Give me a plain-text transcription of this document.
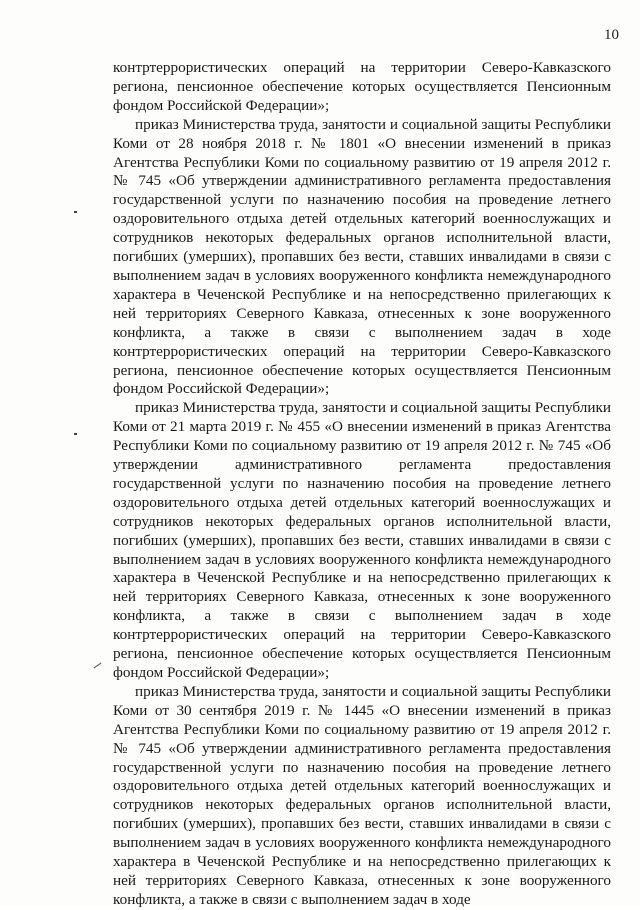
10

контртеррористических операций на территории Северо-Кавказского региона, пенсионное обеспечение которых осуществляется Пенсионным фондом Российской Федерации»;

приказ Министерства труда, занятости и социальной защиты Республики Коми от 28 ноября 2018 г. № 1801 «О внесении изменений в приказ Агентства Республики Коми по социальному развитию от 19 апреля 2012 г. № 745 «Об утверждении административного регламента предоставления государственной услуги по назначению пособия на проведение летнего оздоровительного отдыха детей отдельных категорий военнослужащих и сотрудников некоторых федеральных органов исполнительной власти, погибших (умерших), пропавших без вести, ставших инвалидами в связи с выполнением задач в условиях вооруженного конфликта немеждународного характера в Чеченской Республике и на непосредственно прилегающих к ней территориях Северного Кавказа, отнесенных к зоне вооруженного конфликта, а также в связи с выполнением задач в ходе контртеррористических операций на территории Северо-Кавказского региона, пенсионное обеспечение которых осуществляется Пенсионным фондом Российской Федерации»;

приказ Министерства труда, занятости и социальной защиты Республики Коми от 21 марта 2019 г. № 455 «О внесении изменений в приказ Агентства Республики Коми по социальному развитию от 19 апреля 2012 г. № 745 «Об утверждении административного регламента предоставления государственной услуги по назначению пособия на проведение летнего оздоровительного отдыха детей отдельных категорий военнослужащих и сотрудников некоторых федеральных органов исполнительной власти, погибших (умерших), пропавших без вести, ставших инвалидами в связи с выполнением задач в условиях вооруженного конфликта немеждународного характера в Чеченской Республике и на непосредственно прилегающих к ней территориях Северного Кавказа, отнесенных к зоне вооруженного конфликта, а также в связи с выполнением задач в ходе контртеррористических операций на территории Северо-Кавказского региона, пенсионное обеспечение которых осуществляется Пенсионным фондом Российской Федерации»;

приказ Министерства труда, занятости и социальной защиты Республики Коми от 30 сентября 2019 г. № 1445 «О внесении изменений в приказ Агентства Республики Коми по социальному развитию от 19 апреля 2012 г. № 745 «Об утверждении административного регламента предоставления государственной услуги по назначению пособия на проведение летнего оздоровительного отдыха детей отдельных категорий военнослужащих и сотрудников некоторых федеральных органов исполнительной власти, погибших (умерших), пропавших без вести, ставших инвалидами в связи с выполнением задач в условиях вооруженного конфликта немеждународного характера в Чеченской Республике и на непосредственно прилегающих к ней территориях Северного Кавказа, отнесенных к зоне вооруженного конфликта, а также в связи с выполнением задач в ходе
